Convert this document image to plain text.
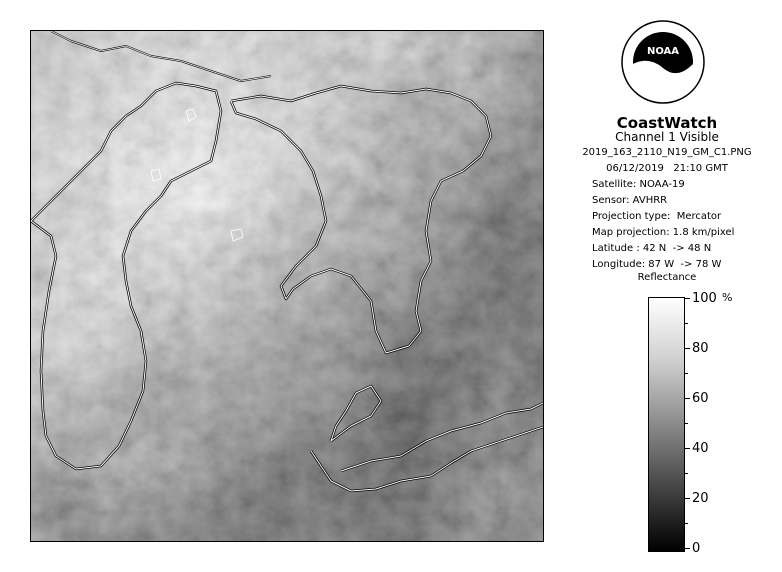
NOAA
CoastWatch
Channel 1 Visible
2019_163_2110_N19_GM_C1.PNG
06/12/2019   21:10 GMT
Satellite: NOAA-19
Sensor: AVHRR
Projection type:  Mercator
Map projection: 1.8 km/pixel
Latitude : 42 N  -> 48 N
Longitude: 87 W  -> 78 W
Reflectance
%
100
80
60
40
20
0
